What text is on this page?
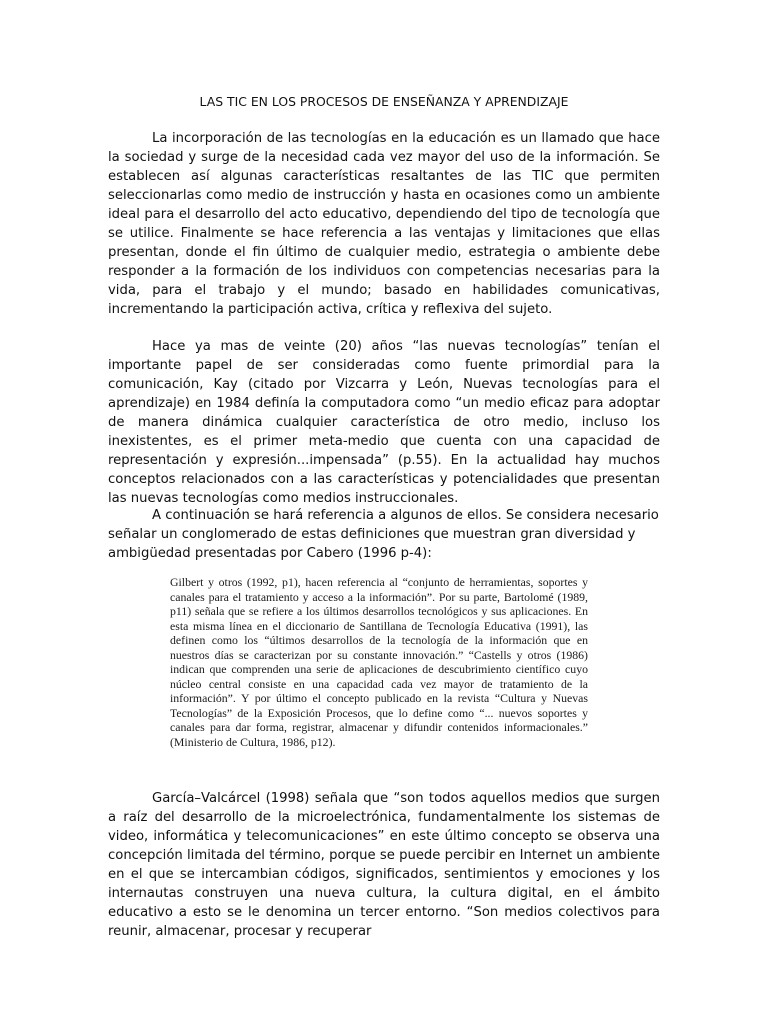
LAS TIC EN LOS PROCESOS DE ENSEÑANZA Y APRENDIZAJE

La incorporación de las tecnologías en la educación es un llamado que hace la sociedad y surge de la necesidad cada vez mayor del uso de la información. Se establecen así algunas características resaltantes de las TIC que permiten seleccionarlas como medio de instrucción y hasta en ocasiones como un ambiente ideal para el desarrollo del acto educativo, dependiendo del tipo de tecnología que se utilice. Finalmente se hace referencia a las ventajas y limitaciones que ellas presentan, donde el fin último de cualquier medio, estrategia o ambiente debe responder a la formación de los individuos con competencias necesarias para la vida, para el trabajo y el mundo; basado en habilidades comunicativas, incrementando la participación activa, crítica y reflexiva del sujeto.

Hace ya mas de veinte (20) años “las nuevas tecnologías” tenían el importante papel de ser consideradas como fuente primordial para la comunicación, Kay (citado por Vizcarra y León, Nuevas tecnologías para el aprendizaje) en 1984 definía la computadora como “un medio eficaz para adoptar de manera dinámica cualquier característica de otro medio, incluso los inexistentes, es el primer meta-medio que cuenta con una capacidad de representación y expresión...impensada” (p.55). En la actualidad hay muchos conceptos relacionados con a las características y potencialidades que presentan las nuevas tecnologías como medios instruccionales.

A continuación se hará referencia a algunos de ellos. Se considera necesario señalar un conglomerado de estas definiciones que muestran gran diversidad y ambigüedad presentadas por Cabero (1996 p-4):

Gilbert y otros (1992, p1), hacen referencia al “conjunto de herramientas, soportes y canales para el tratamiento y acceso a la información”. Por su parte, Bartolomé (1989, p11) señala que se refiere a los últimos desarrollos tecnológicos y sus aplicaciones. En esta misma línea en el diccionario de Santillana de Tecnología Educativa (1991), las definen como los “últimos desarrollos de la tecnología de la información que en nuestros días se caracterizan por su constante innovación.” “Castells y otros (1986) indican que comprenden una serie de aplicaciones de descubrimiento científico cuyo núcleo central consiste en una capacidad cada vez mayor de tratamiento de la información”. Y por último el concepto publicado en la revista “Cultura y Nuevas Tecnologías” de la Exposición Procesos, que lo define como “... nuevos soportes y canales para dar forma, registrar, almacenar y difundir contenidos informacionales.” (Ministerio de Cultura, 1986, p12).

García–Valcárcel (1998) señala que “son todos aquellos medios que surgen a raíz del desarrollo de la microelectrónica, fundamentalmente los sistemas de video, informática y telecomunicaciones” en este último concepto se observa una concepción limitada del término, porque se puede percibir en Internet un ambiente en el que se intercambian códigos, significados, sentimientos y emociones y los internautas construyen una nueva cultura, la cultura digital, en el ámbito educativo a esto se le denomina un tercer entorno. “Son medios colectivos para reunir, almacenar, procesar y recuperar
